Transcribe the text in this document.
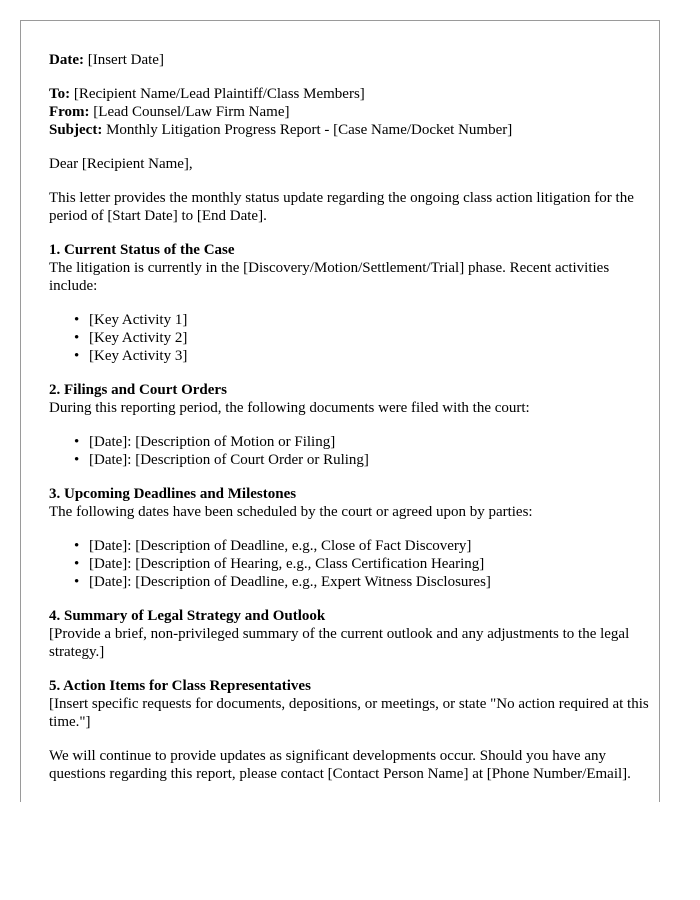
Date: [Insert Date]

To: [Recipient Name/Lead Plaintiff/Class Members]

From: [Lead Counsel/Law Firm Name]

Subject: Monthly Litigation Progress Report - [Case Name/Docket Number]

Dear [Recipient Name],

This letter provides the monthly status update regarding the ongoing class action litigation for the period of [Start Date] to [End Date].

1. Current Status of the Case

The litigation is currently in the [Discovery/Motion/Settlement/Trial] phase. Recent activities include:

• [Key Activity 1]
• [Key Activity 2]
• [Key Activity 3]

2. Filings and Court Orders

During this reporting period, the following documents were filed with the court:

• [Date]: [Description of Motion or Filing]
• [Date]: [Description of Court Order or Ruling]

3. Upcoming Deadlines and Milestones

The following dates have been scheduled by the court or agreed upon by parties:

• [Date]: [Description of Deadline, e.g., Close of Fact Discovery]
• [Date]: [Description of Hearing, e.g., Class Certification Hearing]
• [Date]: [Description of Deadline, e.g., Expert Witness Disclosures]

4. Summary of Legal Strategy and Outlook

[Provide a brief, non-privileged summary of the current outlook and any adjustments to the legal strategy.]

5. Action Items for Class Representatives

[Insert specific requests for documents, depositions, or meetings, or state "No action required at this time."]

We will continue to provide updates as significant developments occur. Should you have any questions regarding this report, please contact [Contact Person Name] at [Phone Number/Email].
